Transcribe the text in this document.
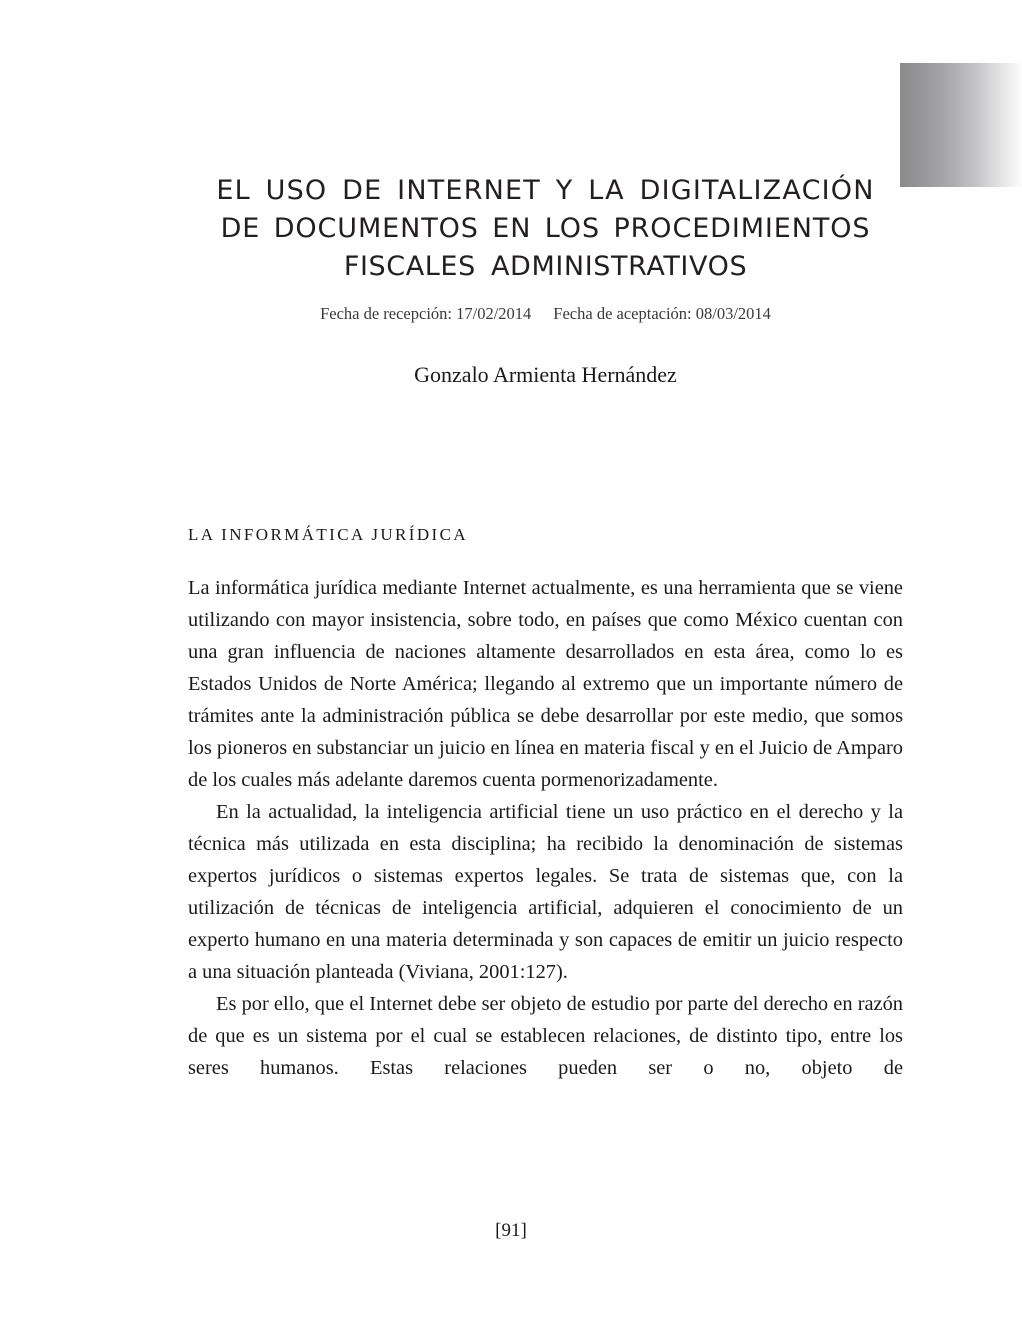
EL USO DE INTERNET Y LA DIGITALIZACIÓN
DE DOCUMENTOS EN LOS PROCEDIMIENTOS
FISCALES ADMINISTRATIVOS

Fecha de recepción: 17/02/2014 Fecha de aceptación: 08/03/2014

Gonzalo Armienta Hernández

LA INFORMÁTICA JURÍDICA

La informática jurídica mediante Internet actualmente, es una herramienta que se viene utilizando con mayor insistencia, sobre todo, en países que como México cuentan con una gran influencia de naciones altamente desarrollados en esta área, como lo es Estados Unidos de Norte América; llegando al extremo que un importante número de trámites ante la administración pública se debe desarrollar por este medio, que somos los pioneros en substanciar un juicio en línea en materia fiscal y en el Juicio de Amparo de los cuales más adelante daremos cuenta pormenorizadamente.

En la actualidad, la inteligencia artificial tiene un uso práctico en el derecho y la técnica más utilizada en esta disciplina; ha recibido la denominación de sistemas expertos jurídicos o sistemas expertos legales. Se trata de sistemas que, con la utilización de técnicas de inteligencia artificial, adquieren el conocimiento de un experto humano en una materia determinada y son capaces de emitir un juicio respecto a una situación planteada (Viviana, 2001:127).

Es por ello, que el Internet debe ser objeto de estudio por parte del derecho en razón de que es un sistema por el cual se establecen relaciones, de distinto tipo, entre los seres humanos. Estas relaciones pueden ser o no, objeto de

[91]
